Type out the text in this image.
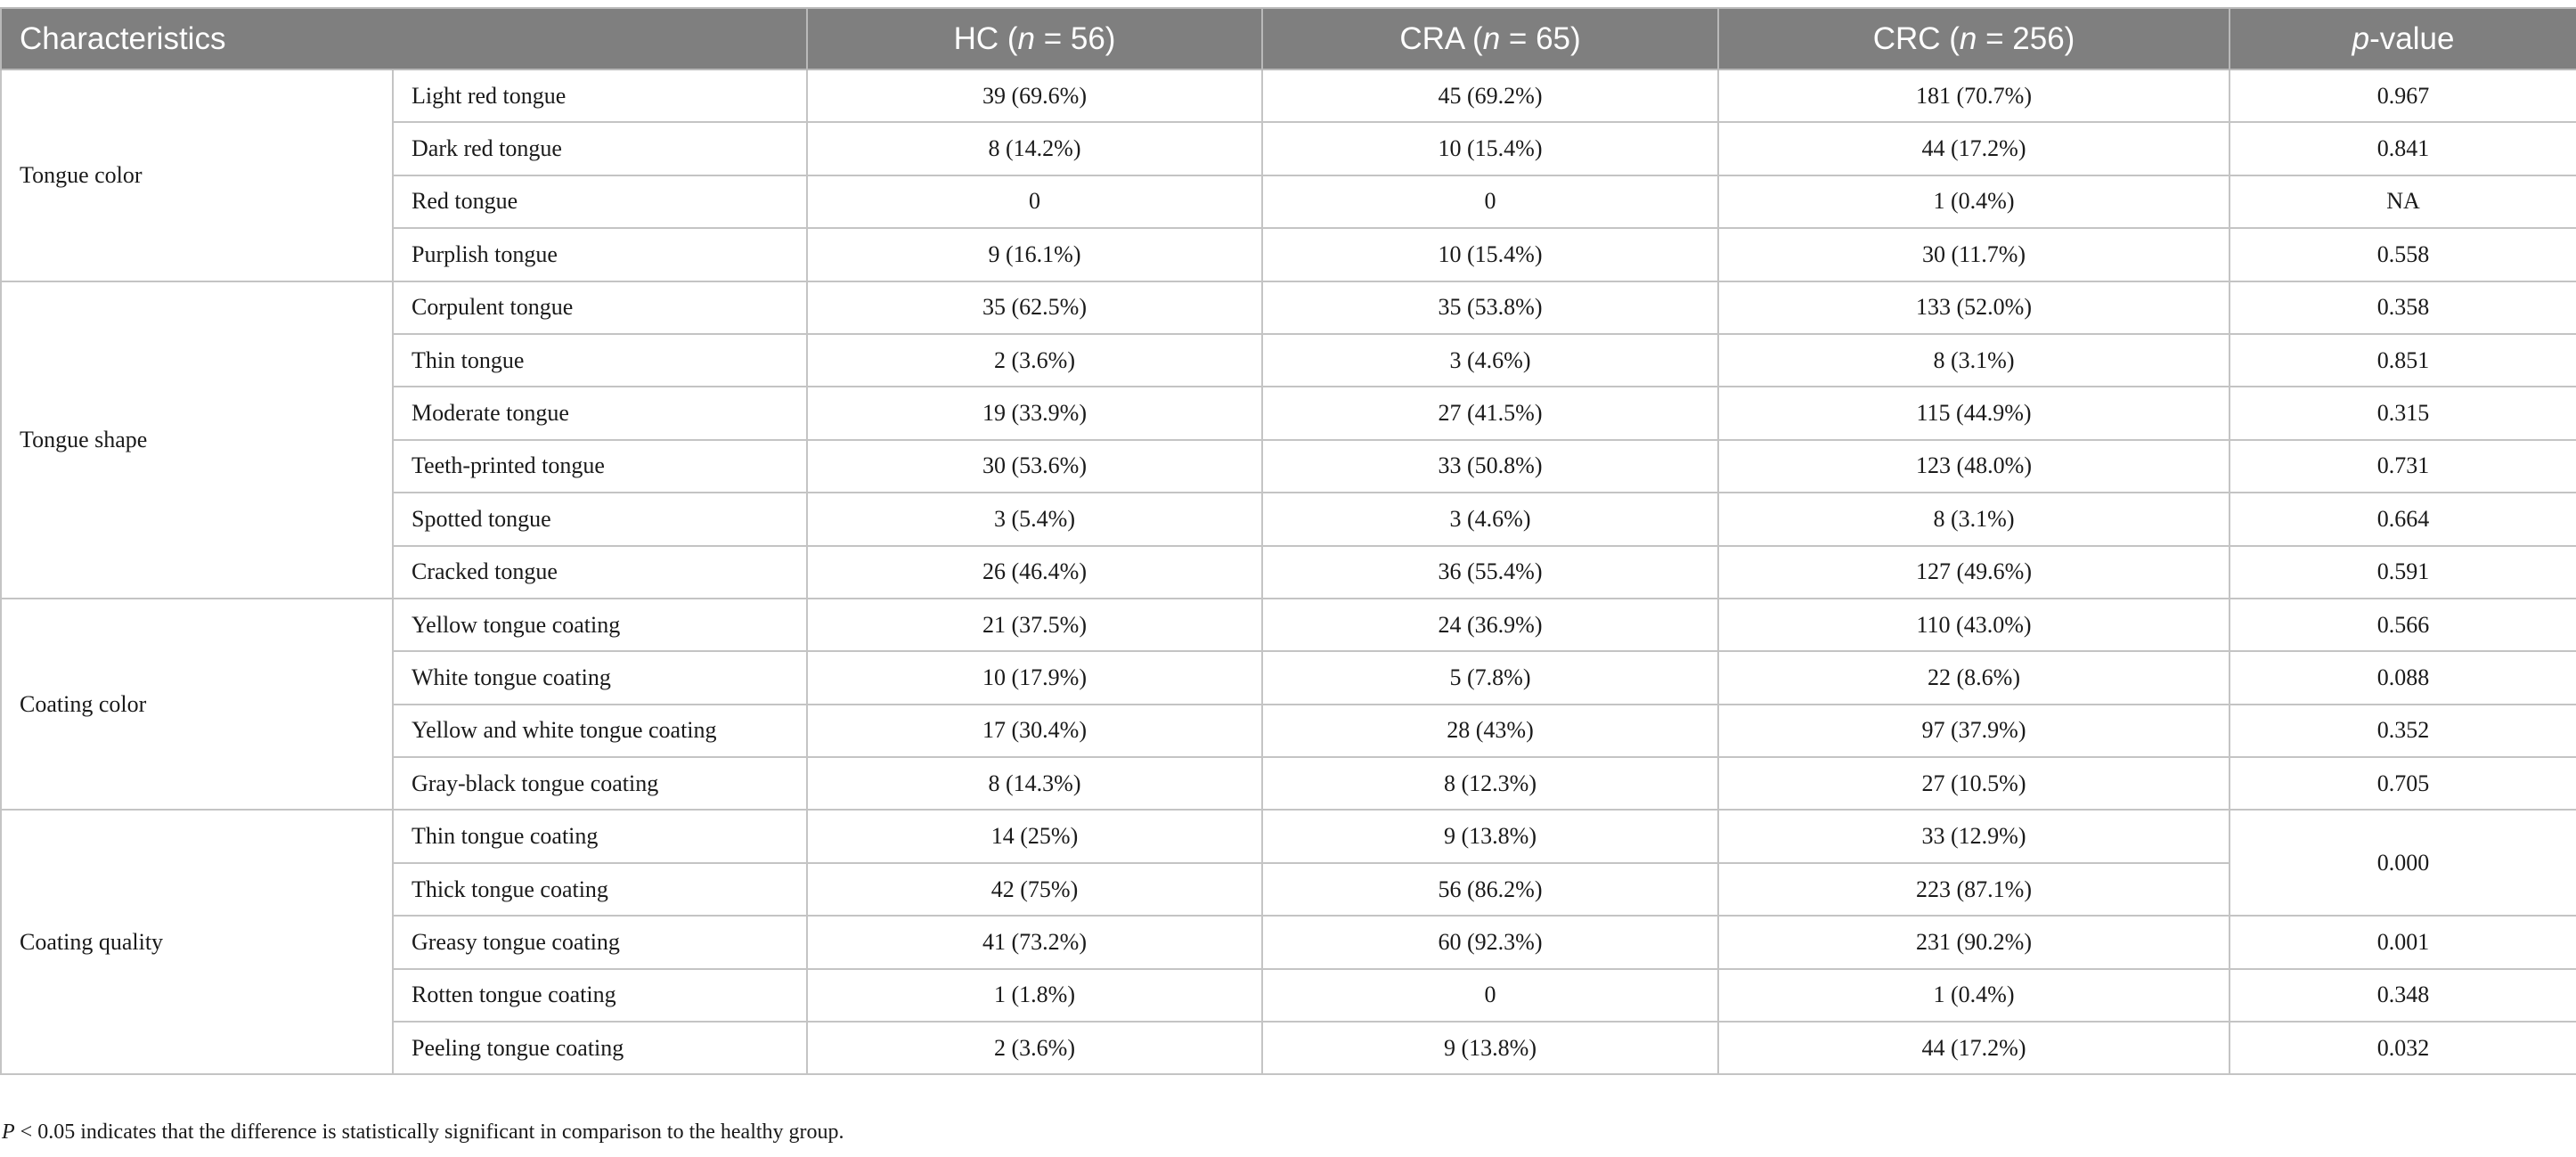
Characteristics		HC (n = 56)	CRA (n = 65)	CRC (n = 256)	p-value
Tongue color	Light red tongue	39 (69.6%)	45 (69.2%)	181 (70.7%)	0.967
	Dark red tongue	8 (14.2%)	10 (15.4%)	44 (17.2%)	0.841
	Red tongue	0	0	1 (0.4%)	NA
	Purplish tongue	9 (16.1%)	10 (15.4%)	30 (11.7%)	0.558
Tongue shape	Corpulent tongue	35 (62.5%)	35 (53.8%)	133 (52.0%)	0.358
	Thin tongue	2 (3.6%)	3 (4.6%)	8 (3.1%)	0.851
	Moderate tongue	19 (33.9%)	27 (41.5%)	115 (44.9%)	0.315
	Teeth-printed tongue	30 (53.6%)	33 (50.8%)	123 (48.0%)	0.731
	Spotted tongue	3 (5.4%)	3 (4.6%)	8 (3.1%)	0.664
	Cracked tongue	26 (46.4%)	36 (55.4%)	127 (49.6%)	0.591
Coating color	Yellow tongue coating	21 (37.5%)	24 (36.9%)	110 (43.0%)	0.566
	White tongue coating	10 (17.9%)	5 (7.8%)	22 (8.6%)	0.088
	Yellow and white tongue coating	17 (30.4%)	28 (43%)	97 (37.9%)	0.352
	Gray-black tongue coating	8 (14.3%)	8 (12.3%)	27 (10.5%)	0.705
Coating quality	Thin tongue coating	14 (25%)	9 (13.8%)	33 (12.9%)	0.000
	Thick tongue coating	42 (75%)	56 (86.2%)	223 (87.1%)	
	Greasy tongue coating	41 (73.2%)	60 (92.3%)	231 (90.2%)	0.001
	Rotten tongue coating	1 (1.8%)	0	1 (0.4%)	0.348
	Peeling tongue coating	2 (3.6%)	9 (13.8%)	44 (17.2%)	0.032
P < 0.05 indicates that the difference is statistically significant in comparison to the healthy group.
